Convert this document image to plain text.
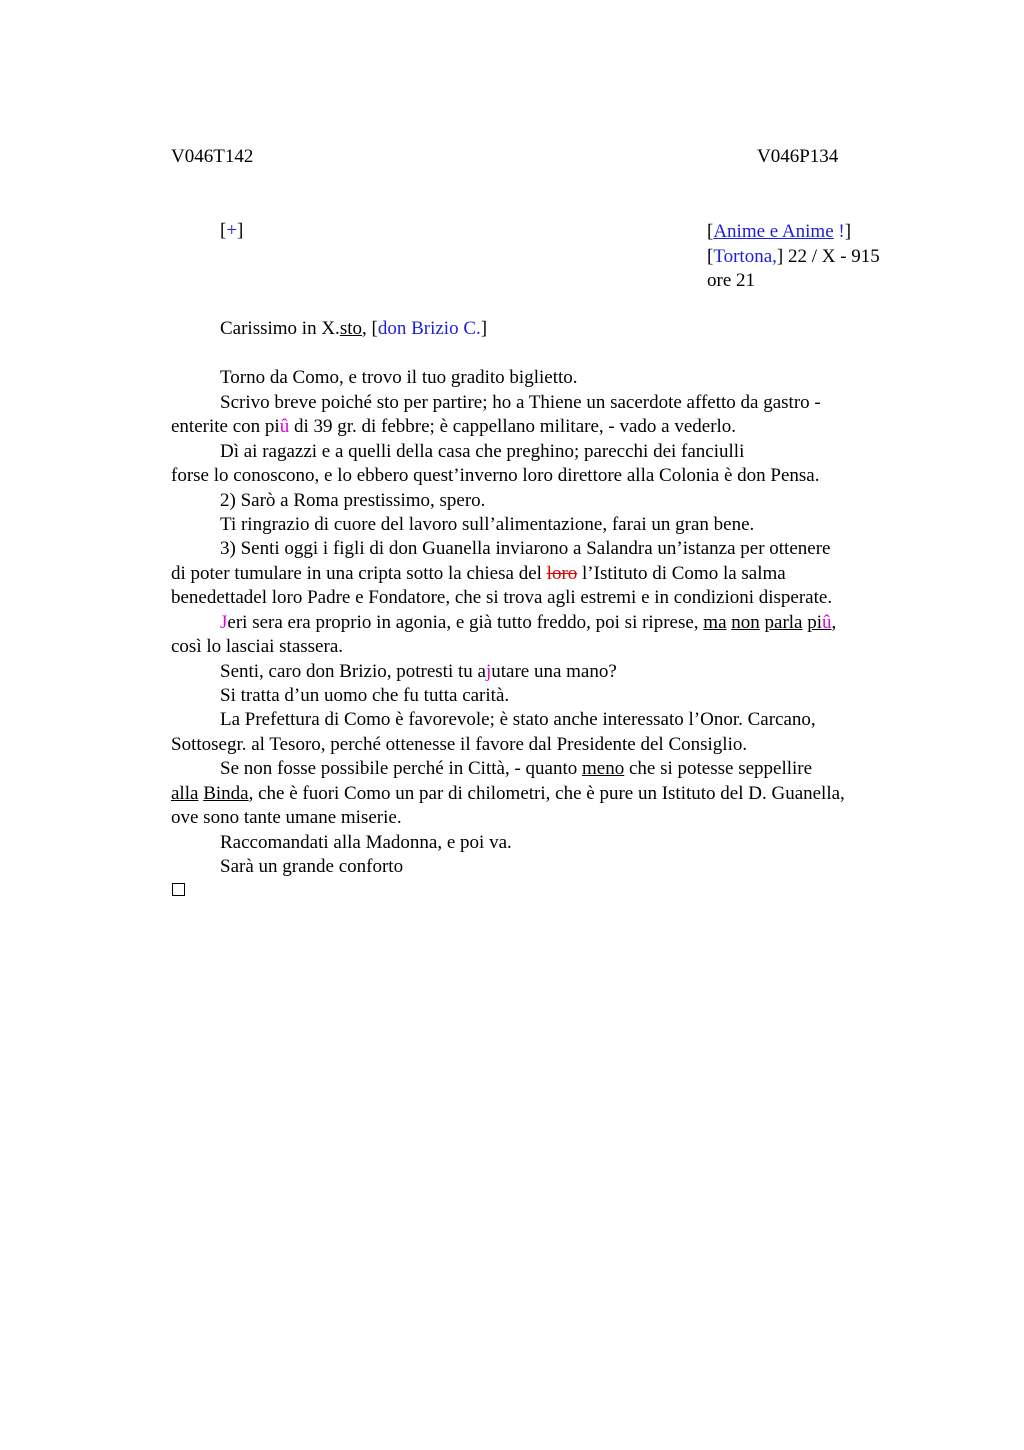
V046T142	V046P134
[+]	[Anime e Anime !]
[Tortona,] 22 / X - 915
ore 21
Carissimo in X.sto, [don Brizio C.]
Torno da Como, e trovo il tuo gradito biglietto.
Scrivo breve poiché sto per partire; ho a Thiene un sacerdote affetto da gastro -
enterite con piû di 39 gr. di febbre; è cappellano militare, - vado a vederlo.
Dì ai ragazzi e a quelli della casa che preghino; parecchi dei fanciulli
forse lo conoscono, e lo ebbero quest’inverno loro direttore alla Colonia è don Pensa.
2) Sarò a Roma prestissimo, spero.
Ti ringrazio di cuore del lavoro sull’alimentazione, farai un gran bene.
3) Senti oggi i figli di don Guanella inviarono a Salandra un’istanza per ottenere
di poter tumulare in una cripta sotto la chiesa del loro l’Istituto di Como la salma
benedettadel loro Padre e Fondatore, che si trova agli estremi e in condizioni disperate.
Jeri sera era proprio in agonia, e già tutto freddo, poi si riprese, ma non parla piû,
così lo lasciai stassera.
Senti, caro don Brizio, potresti tu ajutare una mano?
Si tratta d’un uomo che fu tutta carità.
La Prefettura di Como è favorevole; è stato anche interessato l’Onor. Carcano,
Sottosegr. al Tesoro, perché ottenesse il favore dal Presidente del Consiglio.
Se non fosse possibile perché in Città, - quanto meno che si potesse seppellire
alla Binda, che è fuori Como un par di chilometri, che è pure un Istituto del D. Guanella,
ove sono tante umane miserie.
Raccomandati alla Madonna, e poi va.
Sarà un grande conforto
